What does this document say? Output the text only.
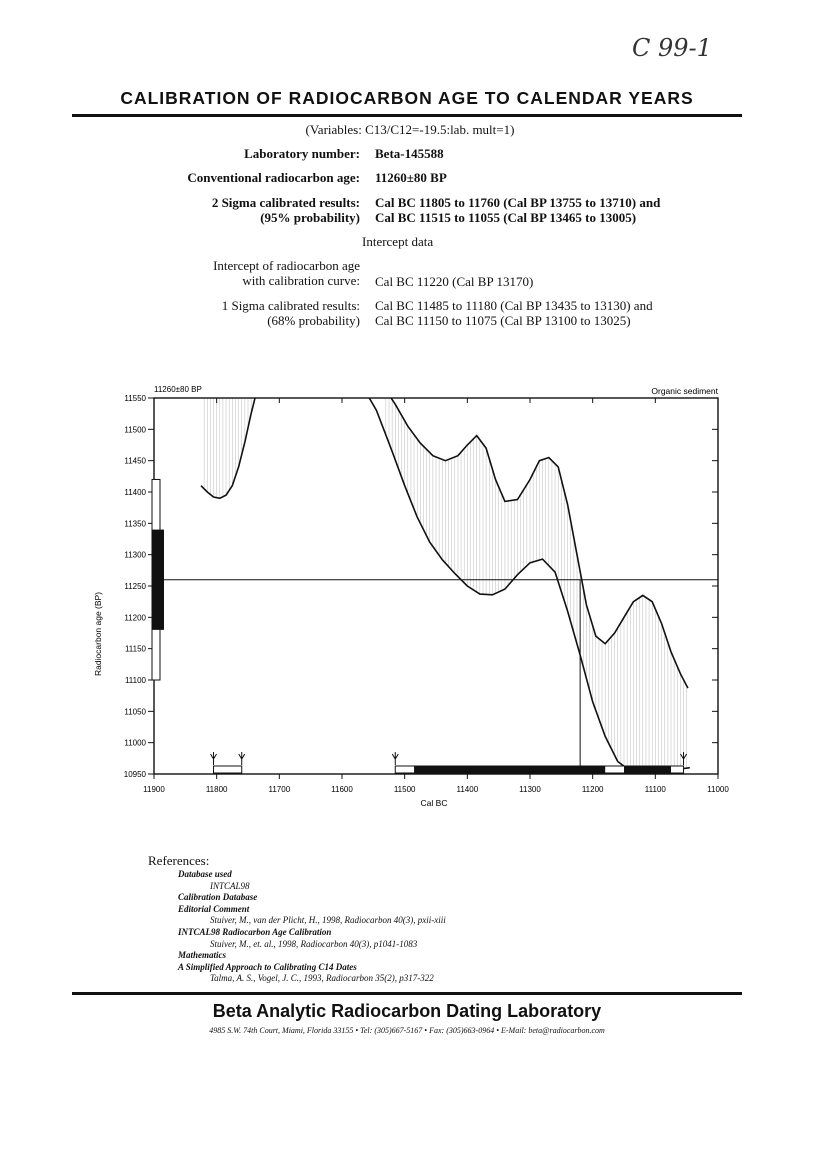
C 99-1
CALIBRATION OF RADIOCARBON AGE TO CALENDAR YEARS
(Variables: C13/C12=-19.5:lab. mult=1)
Laboratory number: Beta-145588
Conventional radiocarbon age: 11260±80 BP
2 Sigma calibrated results:
(95% probability)
Cal BC 11805 to 11760 (Cal BP 13755 to 13710) and
Cal BC 11515 to 11055 (Cal BP 13465 to 13005)
Intercept data
Intercept of radiocarbon age
with calibration curve: Cal BC 11220 (Cal BP 13170)
1 Sigma calibrated results:
(68% probability)
Cal BC 11485 to 11180 (Cal BP 13435 to 13130) and
Cal BC 11150 to 11075 (Cal BP 13100 to 13025)
11260±80 BP	Organic sediment
Cal BC
Radiocarbon age (BP)
10950
11000
11050
11100
11150
11200
11250
11300
11350
11400
11450
11500
11550
11900	11800	11700	11600	11500	11400	11300	11200	11100	11000
References:
Database used
INTCAL98
Calibration Database
Editorial Comment
Stuiver, M., van der Plicht, H., 1998, Radiocarbon 40(3), pxii-xiii
INTCAL98 Radiocarbon Age Calibration
Stuiver, M., et. al., 1998, Radiocarbon 40(3), p1041-1083
Mathematics
A Simplified Approach to Calibrating C14 Dates
Talma, A. S., Vogel, J. C., 1993, Radiocarbon 35(2), p317-322
Beta Analytic Radiocarbon Dating Laboratory
4985 S.W. 74th Court, Miami, Florida 33155 • Tel: (305)667-5167 • Fax: (305)663-0964 • E-Mail: beta@radiocarbon.com
